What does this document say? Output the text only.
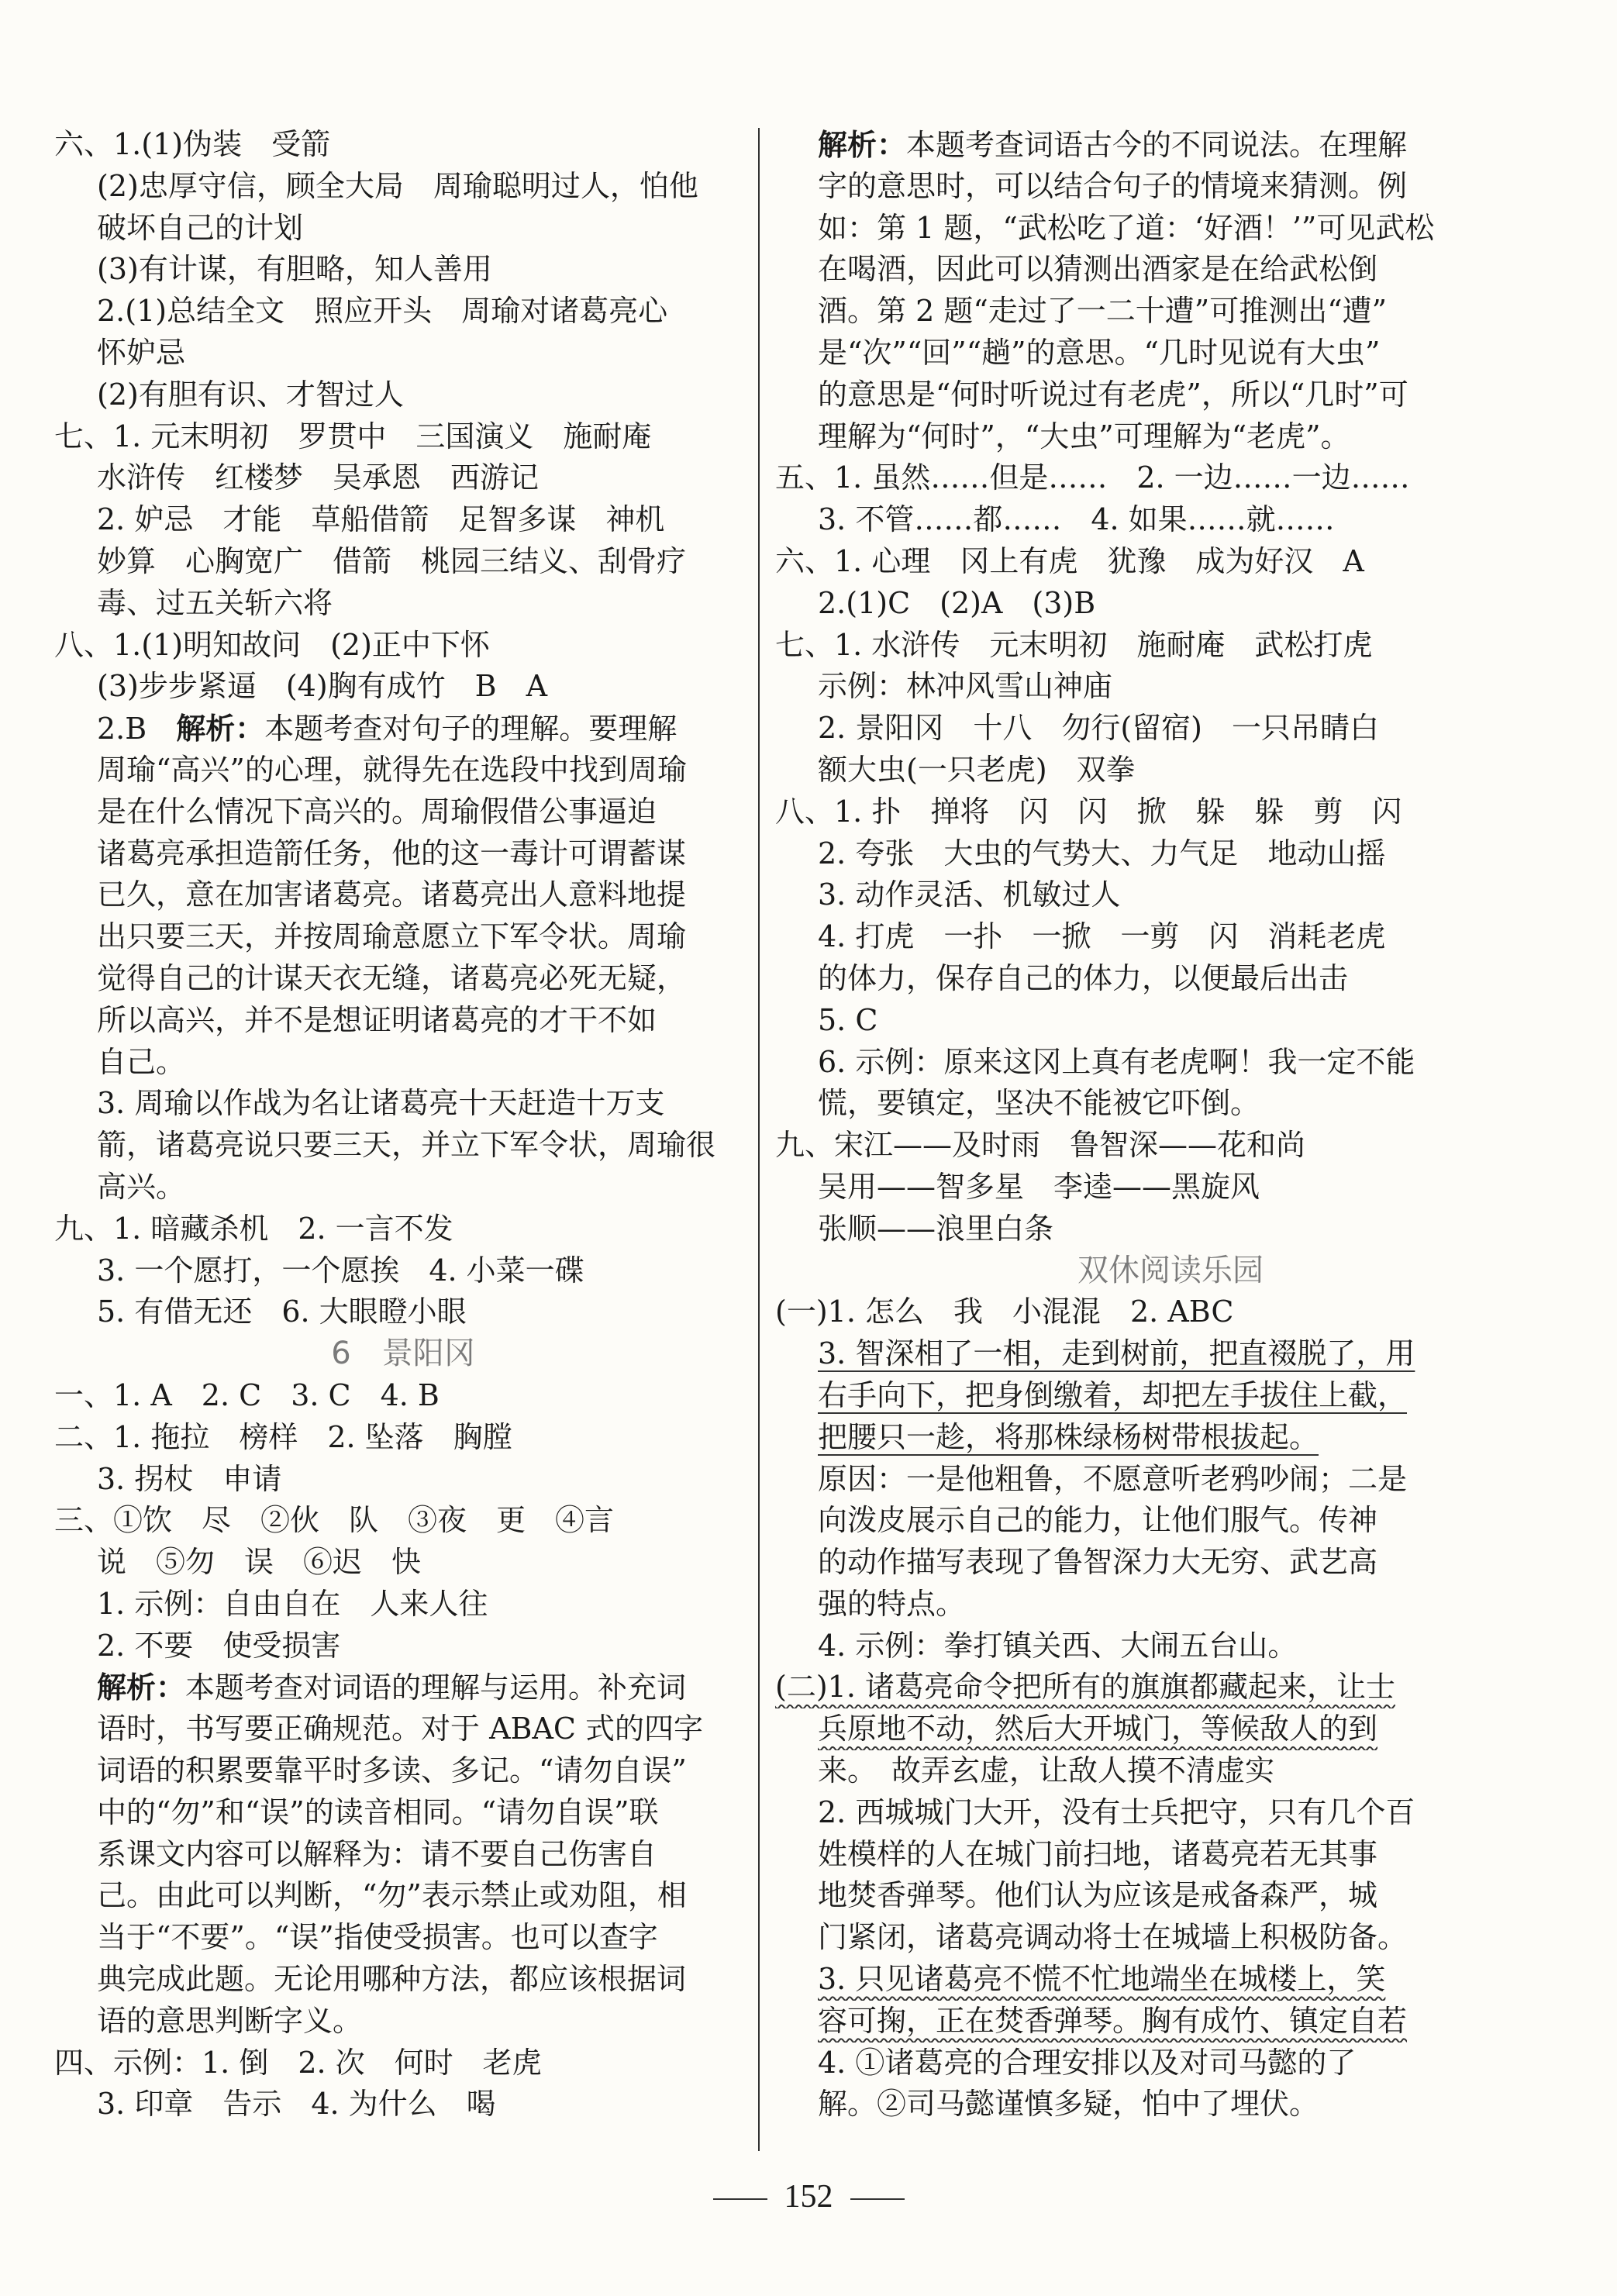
六、1.(1)伪装　受箭
(2)忠厚守信，顾全大局　周瑜聪明过人，怕他
破坏自己的计划
(3)有计谋，有胆略，知人善用
2.(1)总结全文　照应开头　周瑜对诸葛亮心
怀妒忌
(2)有胆有识、才智过人
七、1. 元末明初　罗贯中　三国演义　施耐庵
水浒传　红楼梦　吴承恩　西游记
2. 妒忌　才能　草船借箭　足智多谋　神机
妙算　心胸宽广　借箭　桃园三结义、刮骨疗
毒、过五关斩六将
八、1.(1)明知故问　(2)正中下怀
(3)步步紧逼　(4)胸有成竹　B　A
2.B　解析：本题考查对句子的理解。要理解
周瑜“高兴”的心理，就得先在选段中找到周瑜
是在什么情况下高兴的。周瑜假借公事逼迫
诸葛亮承担造箭任务，他的这一毒计可谓蓄谋
已久，意在加害诸葛亮。诸葛亮出人意料地提
出只要三天，并按周瑜意愿立下军令状。周瑜
觉得自己的计谋天衣无缝，诸葛亮必死无疑，
所以高兴，并不是想证明诸葛亮的才干不如
自己。
3. 周瑜以作战为名让诸葛亮十天赶造十万支
箭，诸葛亮说只要三天，并立下军令状，周瑜很
高兴。
九、1. 暗藏杀机　2. 一言不发
3. 一个愿打，一个愿挨　4. 小菜一碟
5. 有借无还　6. 大眼瞪小眼
6　景阳冈
一、1. A　2. C　3. C　4. B
二、1. 拖拉　榜样　2. 坠落　胸膛
3. 拐杖　申请
三、①饮　尽　②伙　队　③夜　更　④言
说　⑤勿　误　⑥迟　快
1. 示例：自由自在　人来人往
2. 不要　使受损害
解析：本题考查对词语的理解与运用。补充词
语时，书写要正确规范。对于 ABAC 式的四字
词语的积累要靠平时多读、多记。“请勿自误”
中的“勿”和“误”的读音相同。“请勿自误”联
系课文内容可以解释为：请不要自己伤害自
己。由此可以判断，“勿”表示禁止或劝阻，相
当于“不要”。“误”指使受损害。也可以查字
典完成此题。无论用哪种方法，都应该根据词
语的意思判断字义。
四、示例：1. 倒　2. 次　何时　老虎
3. 印章　告示　4. 为什么　喝
解析：本题考查词语古今的不同说法。在理解
字的意思时，可以结合句子的情境来猜测。例
如：第 1 题，“武松吃了道：‘好酒！’”可见武松
在喝酒，因此可以猜测出酒家是在给武松倒
酒。第 2 题“走过了一二十遭”可推测出“遭”
是“次”“回”“趟”的意思。“几时见说有大虫”
的意思是“何时听说过有老虎”，所以“几时”可
理解为“何时”，“大虫”可理解为“老虎”。
五、1. 虽然……但是……　2. 一边……一边……
3. 不管……都……　4. 如果……就……
六、1. 心理　冈上有虎　犹豫　成为好汉　A
2.(1)C　(2)A　(3)B
七、1. 水浒传　元末明初　施耐庵　武松打虎
示例：林冲风雪山神庙
2. 景阳冈　十八　勿行(留宿)　一只吊睛白
额大虫(一只老虎)　双拳
八、1. 扑　掸将　闪　闪　掀　躲　躲　剪　闪
2. 夸张　大虫的气势大、力气足　地动山摇
3. 动作灵活、机敏过人
4. 打虎　一扑　一掀　一剪　闪　消耗老虎
的体力，保存自己的体力，以便最后出击
5. C
6. 示例：原来这冈上真有老虎啊！我一定不能
慌，要镇定，坚决不能被它吓倒。
九、宋江——及时雨　鲁智深——花和尚
吴用——智多星　李逵——黑旋风
张顺——浪里白条
双休阅读乐园
(一)1. 怎么　我　小混混　2. ABC
3. 智深相了一相，走到树前，把直裰脱了，用
右手向下，把身倒缴着，却把左手拔住上截，
把腰只一趁，将那株绿杨树带根拔起。
原因：一是他粗鲁，不愿意听老鸦吵闹；二是
向泼皮展示自己的能力，让他们服气。传神
的动作描写表现了鲁智深力大无穷、武艺高
强的特点。
4. 示例：拳打镇关西、大闹五台山。
(二)1. 诸葛亮命令把所有的旗旗都藏起来，让士
兵原地不动，然后大开城门，等候敌人的到
来。　故弄玄虚，让敌人摸不清虚实
2. 西城城门大开，没有士兵把守，只有几个百
姓模样的人在城门前扫地，诸葛亮若无其事
地焚香弹琴。他们认为应该是戒备森严，城
门紧闭，诸葛亮调动将士在城墙上积极防备。
3. 只见诸葛亮不慌不忙地端坐在城楼上，笑
容可掬，正在焚香弹琴。胸有成竹、镇定自若
4. ①诸葛亮的合理安排以及对司马懿的了
解。②司马懿谨慎多疑，怕中了埋伏。
152
